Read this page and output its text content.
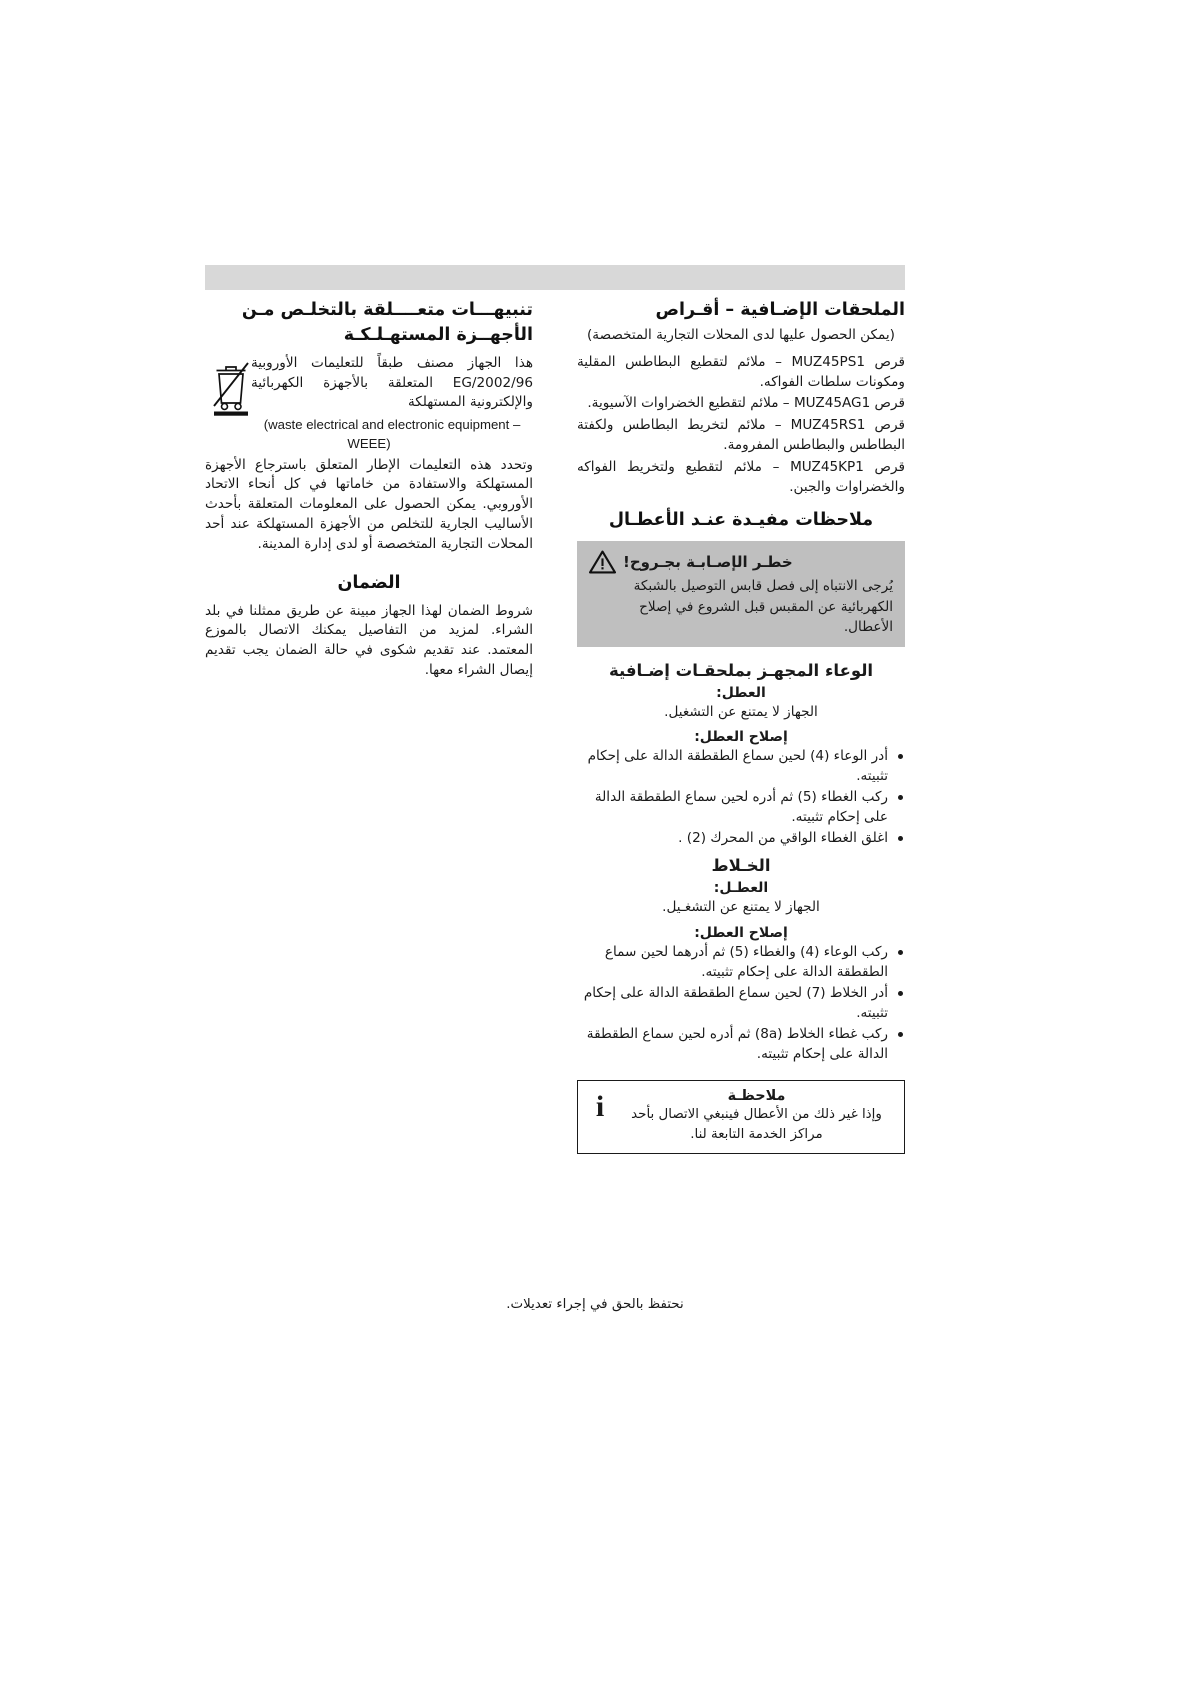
الملحقات الإضـافية – أقـراص

(يمكن الحصول عليها لدى المحلات التجارية المتخصصة)

قرص MUZ45PS1 – ملائم لتقطيع البطاطس المقلية ومكونات سلطات الفواكه.

قرص MUZ45AG1 – ملائم لتقطيع الخضراوات الآسيوية.

قرص MUZ45RS1 – ملائم لتخريط البطاطس ولكفتة البطاطس والبطاطس المفرومة.

قرص MUZ45KP1 – ملائم لتقطيع ولتخريط الفواكه والخضراوات والجبن.

ملاحظات مفيـدة عنـد الأعطـال
خطـر الإصـابـة بجـروح!
يُرجى الانتباه إلى فصل قابس التوصيل بالشبكة الكهربائية عن المقبس قبل الشروع في إصلاح الأعطال.
الوعاء المجهـز بملحقـات إضـافية
العطل:
الجهاز لا يمتنع عن التشغيل.
إصلاح العطل:
أدر الوعاء (4) لحين سماع الطقطقة الدالة على إحكام تثبيته.
ركب الغطاء (5) ثم أدره لحين سماع الطقطقة الدالة على إحكام تثبيته.
اغلق الغطاء الواقي من المحرك (2) .
الخـلاط
العطـل:
الجهاز لا يمتنع عن التشغـيل.
إصلاح العطل:
ركب الوعاء (4) والغطاء (5) ثم أدرهما لحين سماع الطقطقة الدالة على إحكام تثبيته.
أدر الخلاط (7) لحين سماع الطقطقة الدالة على إحكام تثبيته.
ركب غطاء الخلاط (8a) ثم أدره لحين سماع الطقطقة الدالة على إحكام تثبيته.
i	ملاحظـة
وإذا غير ذلك من الأعطال فينبغي الاتصال بأحد مراكز الخدمة التابعة لنا.
تنبيهـــات متعــــلقة بالتخلـص مـن الأجهــزة المستهـلـكـة

هذا الجهاز مصنف طبقاً للتعليمات الأوروبية 2002/96/EG المتعلقة بالأجهزة الكهربائية والإلكترونية المستهلكة

(waste electrical and electronic equipment – WEEE)

وتحدد هذه التعليمات الإطار المتعلق باسترجاع الأجهزة المستهلكة والاستفادة من خاماتها في كل أنحاء الاتحاد الأوروبي. يمكن الحصول على المعلومات المتعلقة بأحدث الأساليب الجارية للتخلص من الأجهزة المستهلكة عند أحد المحلات التجارية المتخصصة أو لدى إدارة المدينة.

الضمان

شروط الضمان لهذا الجهاز مبينة عن طريق ممثلنا في بلد الشراء. لمزيد من التفاصيل يمكنك الاتصال بالموزع المعتمد. عند تقديم شكوى في حالة الضمان يجب تقديم إيصال الشراء معها.

نحتفظ بالحق في إجراء تعديلات.
